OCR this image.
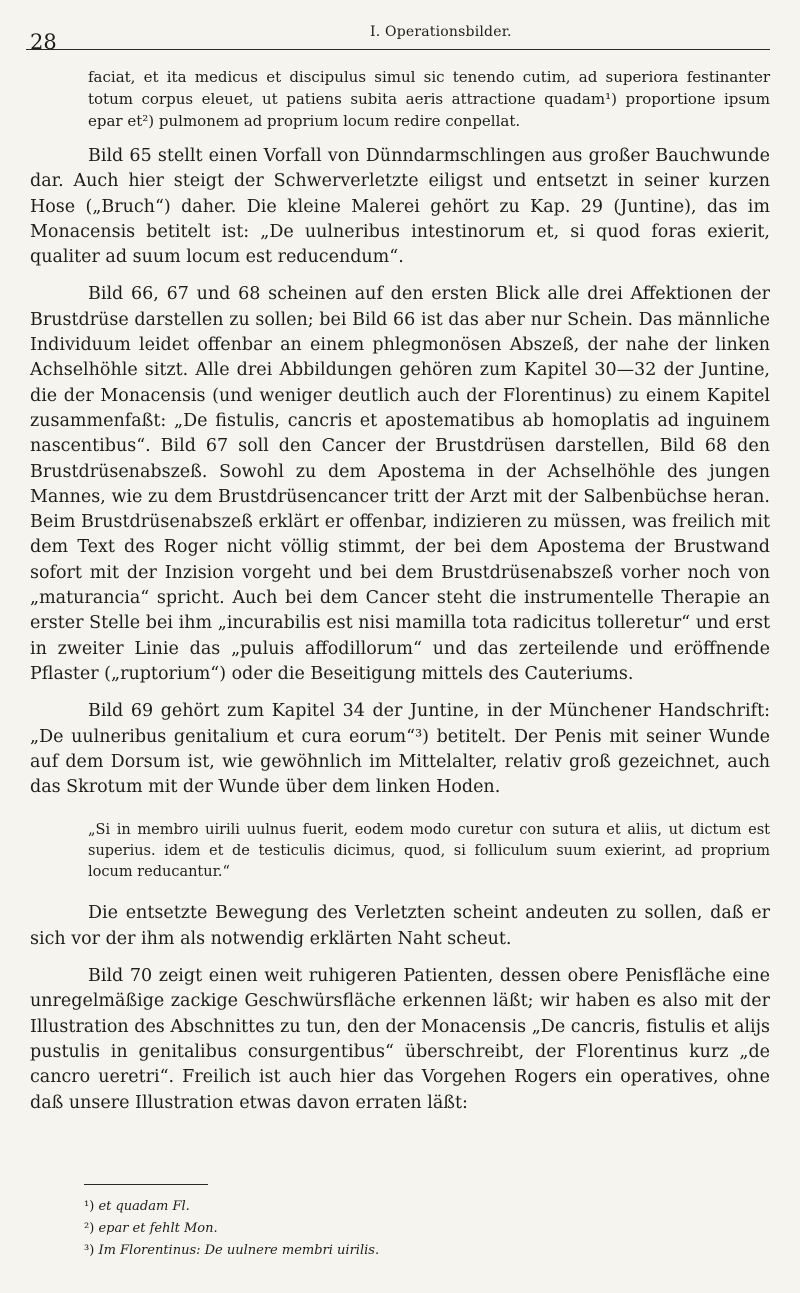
28	I. Operationsbilder.

faciat, et ita medicus et discipulus simul sic tenendo cutim, ad superiora festinanter totum corpus eleuet, ut patiens subita aeris attractione quadam¹) proportione ipsum epar et²) pulmonem ad proprium locum redire conpellat.

Bild 65 stellt einen Vorfall von Dünndarmschlingen aus großer Bauchwunde dar. Auch hier steigt der Schwerverletzte eiligst und entsetzt in seiner kurzen Hose („Bruch“) daher. Die kleine Malerei gehört zu Kap. 29 (Juntine), das im Monacensis betitelt ist: „De uulneribus intestinorum et, si quod foras exierit, qualiter ad suum locum est reducendum“.

Bild 66, 67 und 68 scheinen auf den ersten Blick alle drei Affektionen der Brustdrüse darstellen zu sollen; bei Bild 66 ist das aber nur Schein. Das männliche Individuum leidet offenbar an einem phlegmonösen Abszeß, der nahe der linken Achselhöhle sitzt. Alle drei Abbildungen gehören zum Kapitel 30—32 der Juntine, die der Monacensis (und weniger deutlich auch der Florentinus) zu einem Kapitel zusammenfaßt: „De fistulis, cancris et apostematibus ab homoplatis ad inguinem nascentibus“. Bild 67 soll den Cancer der Brustdrüsen darstellen, Bild 68 den Brustdrüsenabszeß. Sowohl zu dem Apostema in der Achselhöhle des jungen Mannes, wie zu dem Brustdrüsencancer tritt der Arzt mit der Salbenbüchse heran. Beim Brustdrüsenabszeß erklärt er offenbar, indizieren zu müssen, was freilich mit dem Text des Roger nicht völlig stimmt, der bei dem Apostema der Brustwand sofort mit der Inzision vorgeht und bei dem Brustdrüsenabszeß vorher noch von „maturancia“ spricht. Auch bei dem Cancer steht die instrumentelle Therapie an erster Stelle bei ihm „incurabilis est nisi mamilla tota radicitus tolleretur“ und erst in zweiter Linie das „puluis affodillorum“ und das zerteilende und eröffnende Pflaster („ruptorium“) oder die Beseitigung mittels des Cauteriums.

Bild 69 gehört zum Kapitel 34 der Juntine, in der Münchener Handschrift: „De uulneribus genitalium et cura eorum“³) betitelt. Der Penis mit seiner Wunde auf dem Dorsum ist, wie gewöhnlich im Mittelalter, relativ groß gezeichnet, auch das Skrotum mit der Wunde über dem linken Hoden.

„Si in membro uirili uulnus fuerit, eodem modo curetur con sutura et aliis, ut dictum est superius. idem et de testiculis dicimus, quod, si folliculum suum exierint, ad proprium locum reducantur.“

Die entsetzte Bewegung des Verletzten scheint andeuten zu sollen, daß er sich vor der ihm als notwendig erklärten Naht scheut.

Bild 70 zeigt einen weit ruhigeren Patienten, dessen obere Penisfläche eine unregelmäßige zackige Geschwürsfläche erkennen läßt; wir haben es also mit der Illustration des Abschnittes zu tun, den der Monacensis „De cancris, fistulis et alijs pustulis in genitalibus consurgentibus“ überschreibt, der Florentinus kurz „de cancro ueretri“. Freilich ist auch hier das Vorgehen Rogers ein operatives, ohne daß unsere Illustration etwas davon erraten läßt:

¹) et quadam Fl.

²) epar et fehlt Mon.

³) Im Florentinus: De uulnere membri uirilis.
